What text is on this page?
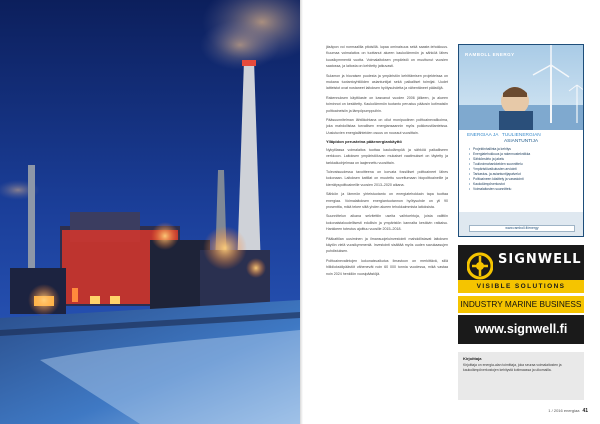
jäsäpon voi normaalilla pitoisillä. lupaa ominaisuus sekä saaste-tehokkuus. Kuumaa voimalaitos on tuottanut alueen kaukolämmön ja sähköä lähes kuusikymmentä vuotta. Voimalaitoksen ympäristö on muuttunut vuosien saatossa, ja laitosta on kehitetty jatkuvasti.

Sulamon ja hiovaisen puolesta ja ympäristön kehittämisen projekteissa on mukana tuotantoyhtiöiden asiantuntijat sekä paikalliset toimijat. Uudet laitteistot ovat nostaneet laitoksen hyötysuhdetta ja vähentäneet päästöjä.

Rakennuksen käyttöaste on kasvanut vuoden 2006 jälkeen, ja alueen toiminnot on keskitetty. Kaukolämmön tuotanto perustuu pääosin kotimaisiin polttoaineisiin ja lämpöpumppuihin.

Pääsuunnitelman lähtökohtana on ollut monipuolinen polttoainevalikoima, joka mahdollistaa turvallisen energiansaannin myös poikkeustilanteissa. Uusiutuvien energialähteiden osuus on noussut vuosittain.

Ylläpidon perusteina pääenergiankäyttö

Nykytilassa voimalaitos tuottaa kaukolämpöä ja sähköä paikalliseen verkkoon. Laitoksen ympäristöluvan mukaiset vaatimukset on täytetty ja tarkkailuohjelmaa on laajennettu vuosittain.

Tulevaisuudessa tavoitteena on korvata fossiiliset polttoaineet lähes kokonaan. Laitoksen kattilat on muutettu soveltumaan biopolttoaineille ja kierrätyspolttoaineille vuosien 2013–2020 aikana.

Sähkön ja lämmön yhteistuotanto on energiatehokkain tapa tuottaa energiaa. Voimalaitoksen energiantuotannon hyötysuhde on yli 90 prosenttia, mikä tekee siitä yhden alueen tehokkaimmista laitoksista.

Suunnittelun aikana selvitettiin useita vaihtoehtoja, joista valittiin kokonaistaloudellisesti edullisin ja ympäristön kannalta kestävin ratkaisu. Hankkeen toteutus ajoittuu vuosille 2015–2018.

Pääkattilan uusiminen ja ilmansuojeluinvestointi mahdollistavat laitoksen käytön vielä vuosikymmeniä. Investointi sisältää myös uuden savukaasujen puhdistuksen.

Polttoainevalintojen kokonaisvaikutus ilmastoon on merkittävä, sillä hiilidioksidipäästöt vähenevät noin 60 000 tonnia vuodessa, mikä vastaa noin 2024 henkilön vuosipäästöjä.

RAMBOLL ENERGY
ENERGIAA JA TUULIENERGIAN
ASIANTUNTIJA
• Projektinhallinta ja kehitys
• Energiatehokkuus ja rakennustekniikka
• Sähkönsiirto ja jakelu
• Tuulivoimahankkeiden suunnittelu
• Ympäristövaikutusten arviointi
• Tarkastus- ja asiantuntijapalvelut
• Polttoaineen käsittely ja varastointi
• Kaukolämpöverkostot
• Voimalaitosten suunnittelu
www.ramboll.fi/energy
SIGNWELL
VISIBLE SOLUTIONS
INDUSTRY MARINE BUSINESS
www.signwell.fi
Kirjoittaja

Kirjoittaja on energia-alan toimittaja, joka seuraa voimalaitosten ja kaukolämpöverkostojen kehitystä kotimaassa ja ulkomailla.

1 / 2016 energiaa 41
